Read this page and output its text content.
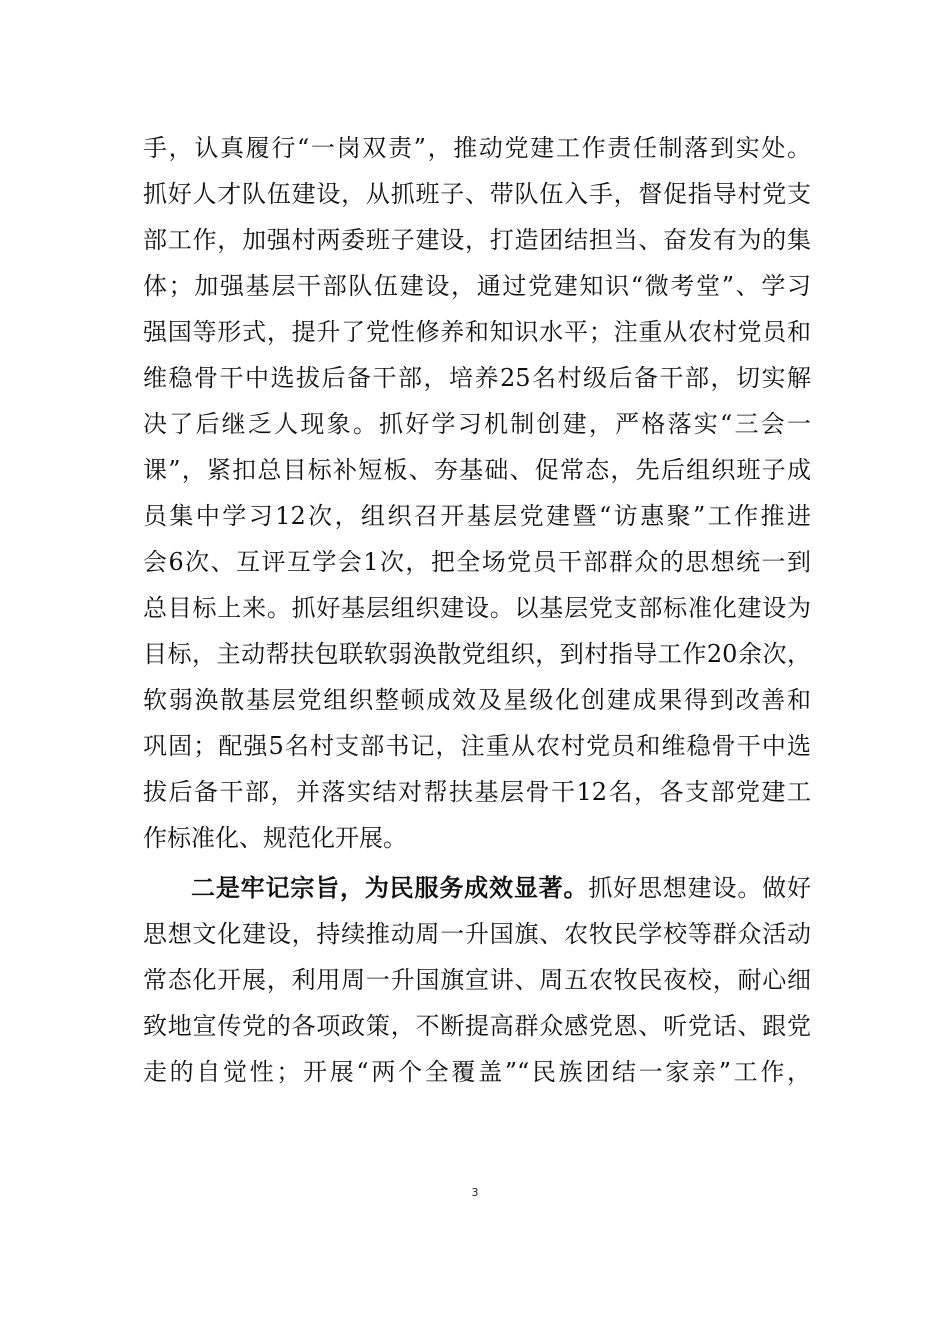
手，认真履行“一岗双责”，推动党建工作责任制落到实处。
抓好人才队伍建设，从抓班子、带队伍入手，督促指导村党支
部工作，加强村两委班子建设，打造团结担当、奋发有为的集
体；加强基层干部队伍建设，通过党建知识“微考堂”、学习
强国等形式，提升了党性修养和知识水平；注重从农村党员和
维稳骨干中选拔后备干部，培养25名村级后备干部，切实解
决了后继乏人现象。抓好学习机制创建，严格落实“三会一
课”，紧扣总目标补短板、夯基础、促常态，先后组织班子成
员集中学习12次，组织召开基层党建暨“访惠聚”工作推进
会6次、互评互学会1次，把全场党员干部群众的思想统一到
总目标上来。抓好基层组织建设。以基层党支部标准化建设为
目标，主动帮扶包联软弱涣散党组织，到村指导工作20余次，
软弱涣散基层党组织整顿成效及星级化创建成果得到改善和
巩固；配强5名村支部书记，注重从农村党员和维稳骨干中选
拔后备干部，并落实结对帮扶基层骨干12名，各支部党建工
作标准化、规范化开展。
二是牢记宗旨，为民服务成效显著。抓好思想建设。做好
思想文化建设，持续推动周一升国旗、农牧民学校等群众活动
常态化开展，利用周一升国旗宣讲、周五农牧民夜校，耐心细
致地宣传党的各项政策，不断提高群众感党恩、听党话、跟党
走的自觉性；开展“两个全覆盖”“民族团结一家亲”工作，
3
